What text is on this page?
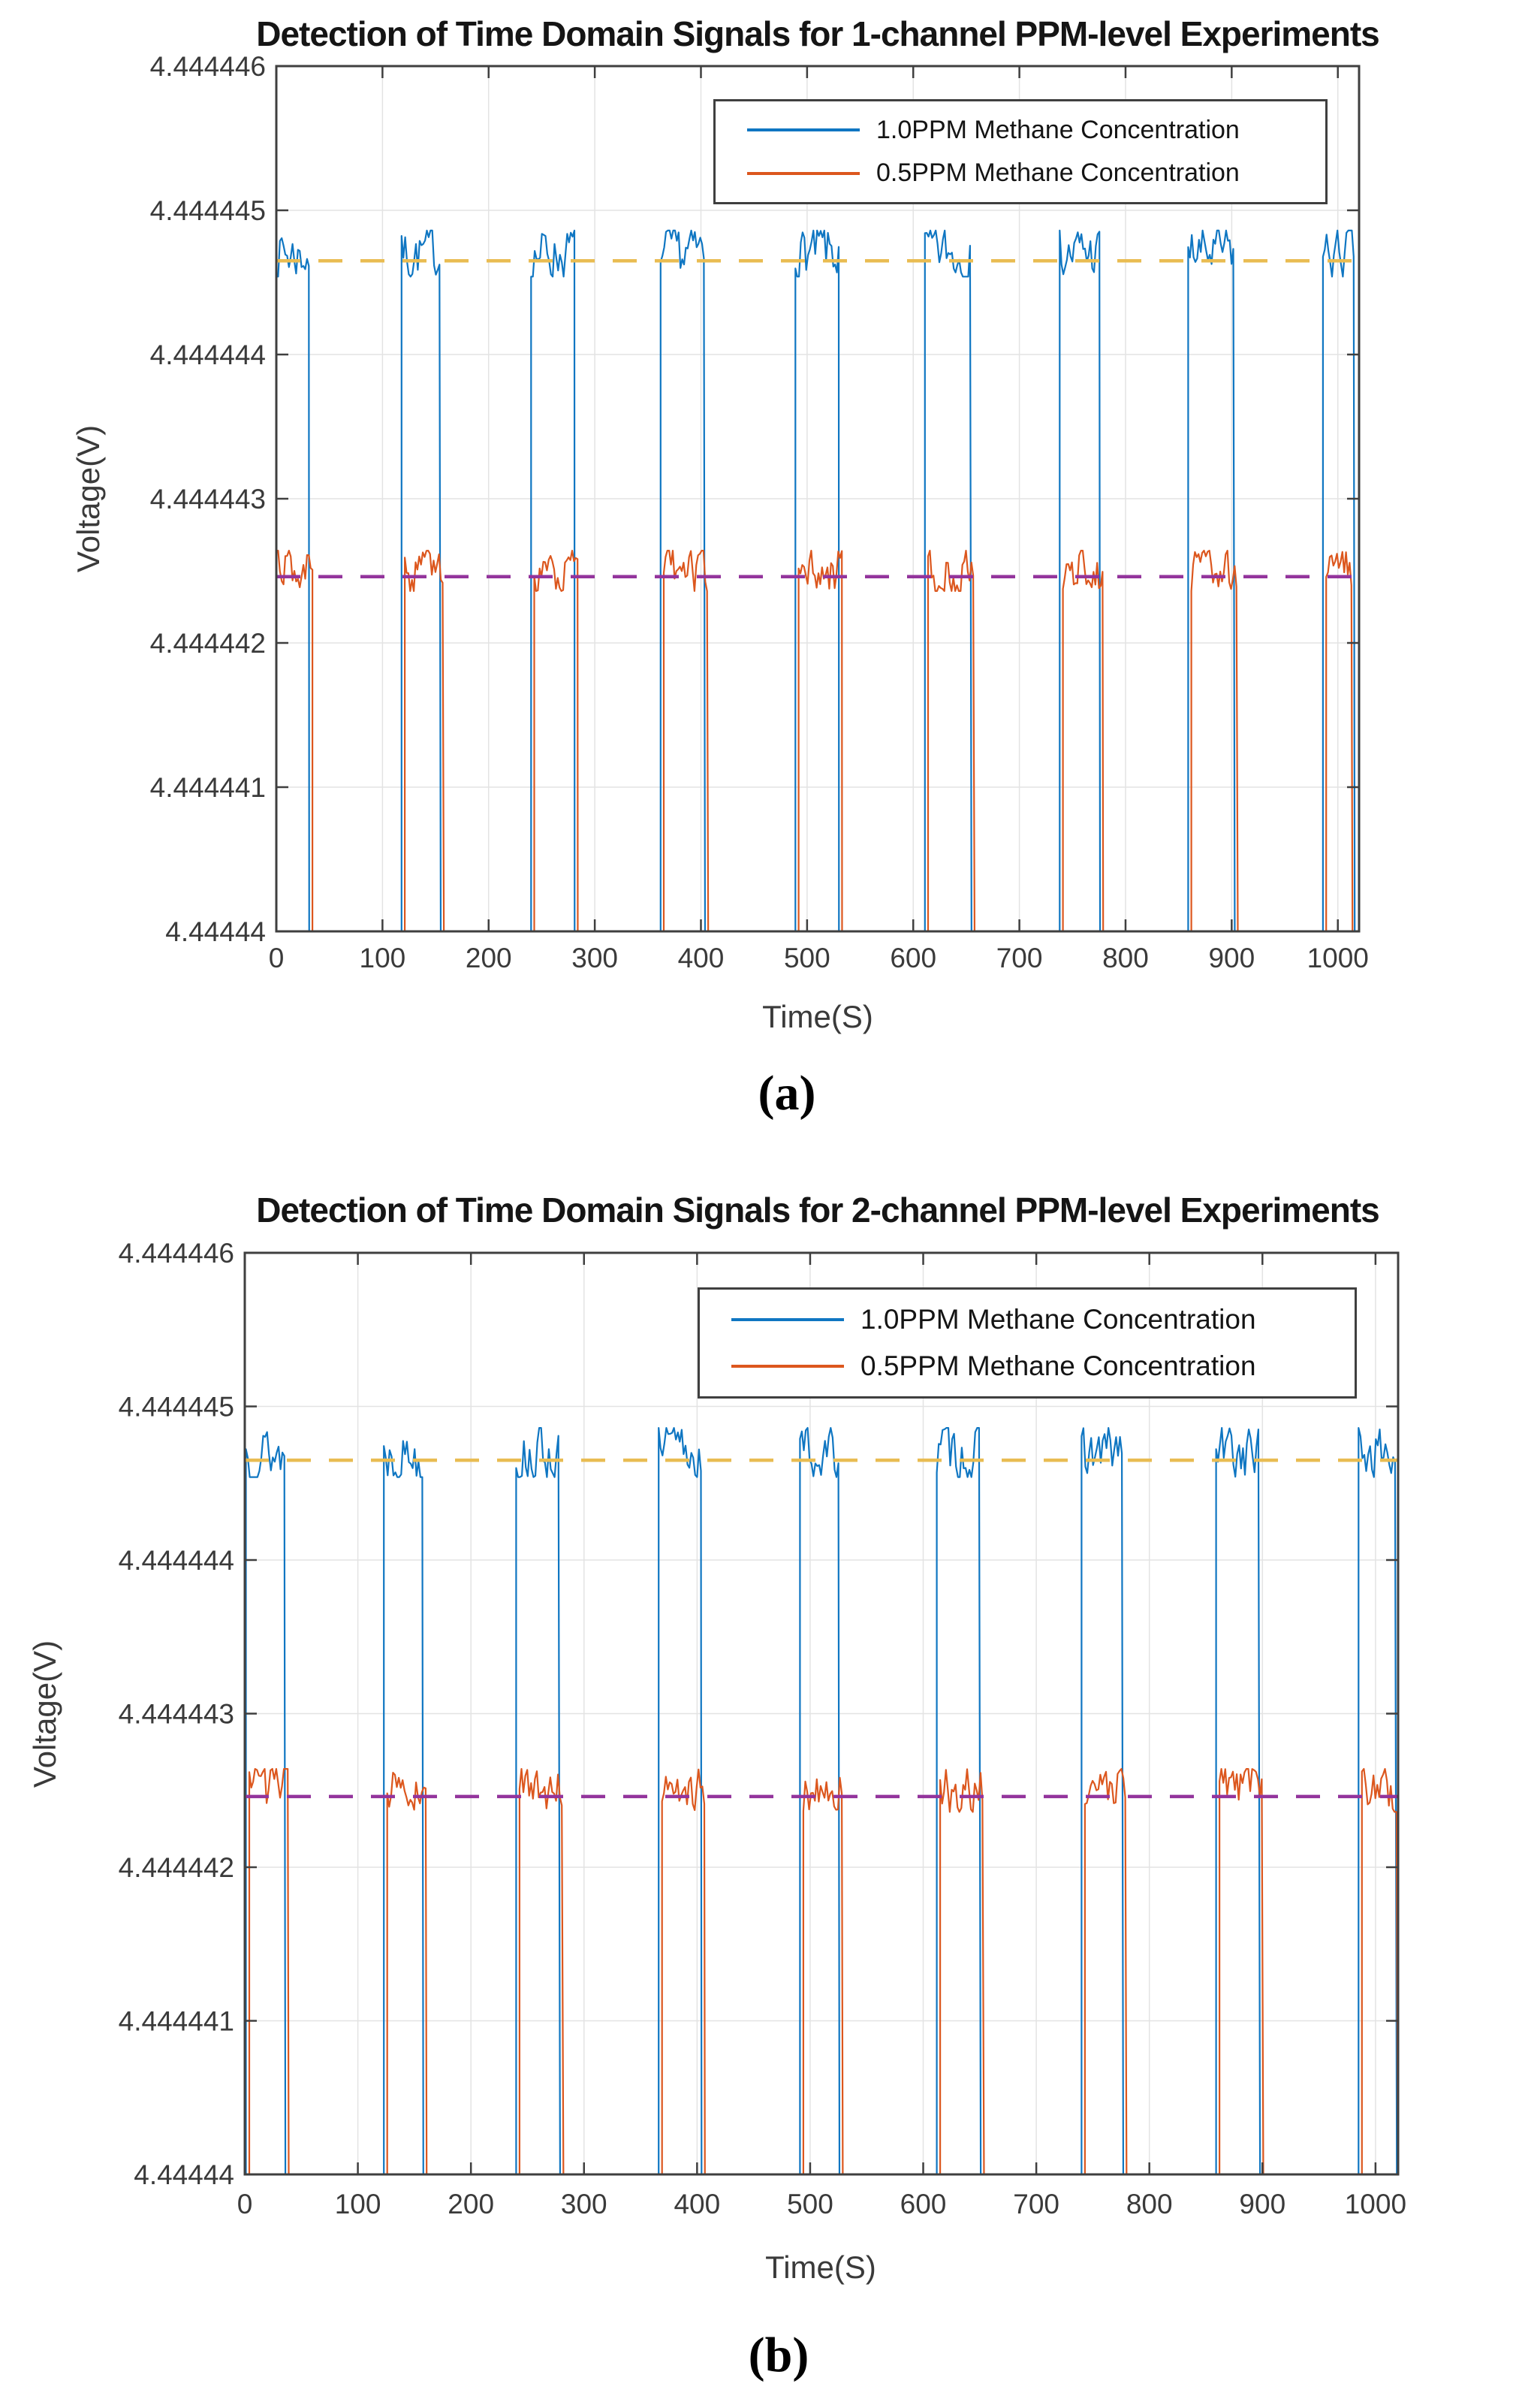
0	100 200 300 400 500 600 700 800 900 1000
4.44444
4.444441
4.444442
4.444443
4.444444
4.444445
4.444446
Detection of Time Domain Signals for 1-channel PPM-level Experiments
Voltage(V)
Time(S)
(a)
1.0PPM Methane Concentration
0.5PPM Methane Concentration
0	100 200 300 400 500 600 700 800 900 1000
4.44444
4.444441
4.444442
4.444443
4.444444
4.444445
4.444446
Detection of Time Domain Signals for 2-channel PPM-level Experiments
Voltage(V)
Time(S)
(b)
1.0PPM Methane Concentration
0.5PPM Methane Concentration
